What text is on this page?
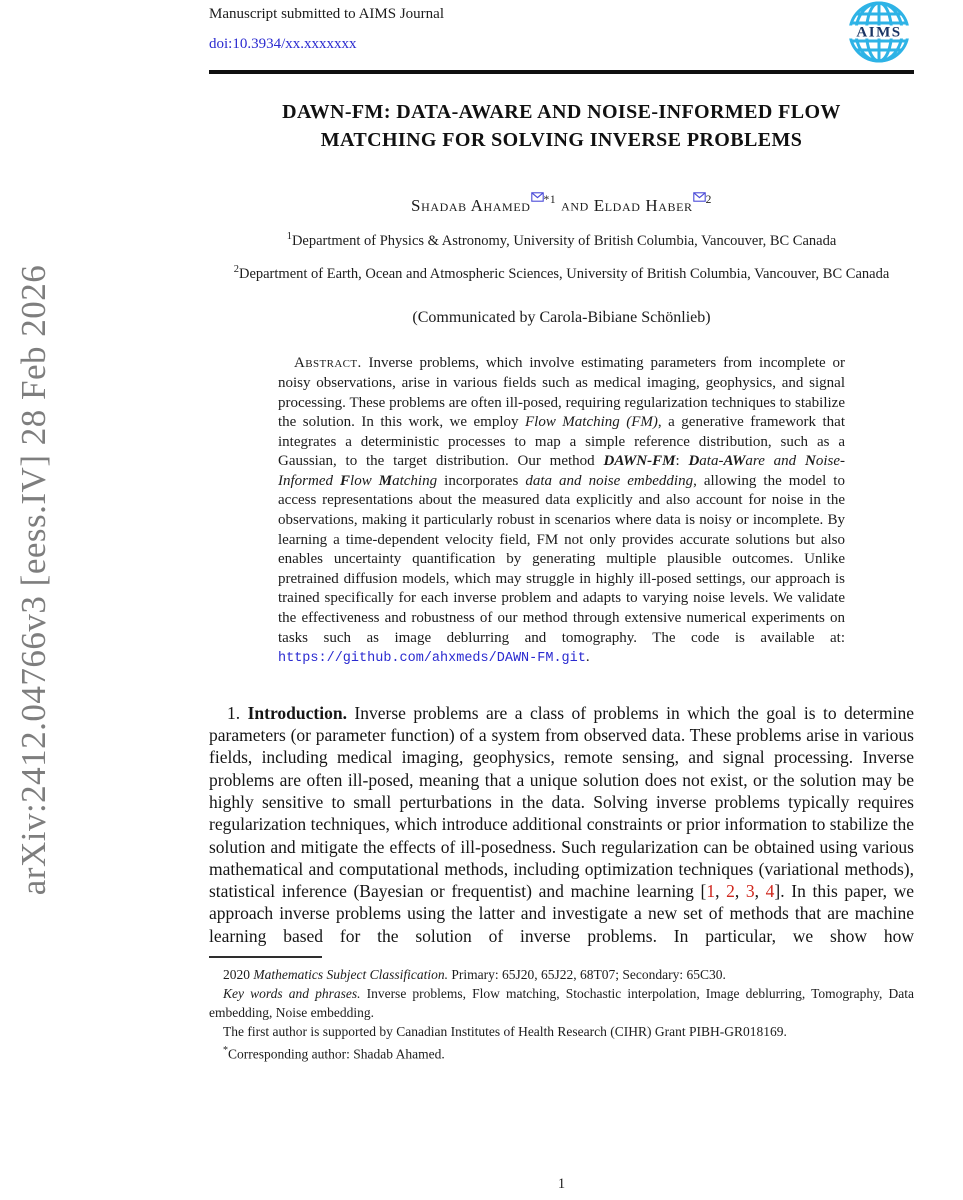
arXiv:2412.04766v3 [eess.IV] 28 Feb 2026
Manuscript submitted to AIMS Journal
doi:10.3934/xx.xxxxxxx
AIMS
DAWN-FM: DATA-AWARE AND NOISE-INFORMED FLOW
MATCHING FOR SOLVING INVERSE PROBLEMS
Shadab Ahamed $^{*1}$ and Eldad Haber $^2$
$^1$Department of Physics & Astronomy, University of British Columbia, Vancouver, BC Canada
$^2$Department of Earth, Ocean and Atmospheric Sciences, University of British Columbia, Vancouver, BC Canada
(Communicated by Carola-Bibiane Schönlieb)
Abstract. Inverse problems, which involve estimating parameters from incomplete or noisy observations, arise in various fields such as medical imaging, geophysics, and signal processing. These problems are often ill-posed, requiring regularization techniques to stabilize the solution. In this work, we employ Flow Matching (FM), a generative framework that integrates a deterministic processes to map a simple reference distribution, such as a Gaussian, to the target distribution. Our method DAWN-FM: Data-AWare and Noise-Informed Flow Matching incorporates data and noise embedding, allowing the model to access representations about the measured data explicitly and also account for noise in the observations, making it particularly robust in scenarios where data is noisy or incomplete. By learning a time-dependent velocity field, FM not only provides accurate solutions but also enables uncertainty quantification by generating multiple plausible outcomes. Unlike pretrained diffusion models, which may struggle in highly ill-posed settings, our approach is trained specifically for each inverse problem and adapts to varying noise levels. We validate the effectiveness and robustness of our method through extensive numerical experiments on tasks such as image deblurring and tomography. The code is available at: https://github.com/ahxmeds/DAWN-FM.git.

1. Introduction. Inverse problems are a class of problems in which the goal is to determine parameters (or parameter function) of a system from observed data. These problems arise in various fields, including medical imaging, geophysics, remote sensing, and signal processing. Inverse problems are often ill-posed, meaning that a unique solution does not exist, or the solution may be highly sensitive to small perturbations in the data. Solving inverse problems typically requires regularization techniques, which introduce additional constraints or prior information to stabilize the solution and mitigate the effects of ill-posedness. Such regularization can be obtained using various mathematical and computational methods, including optimization techniques (variational methods), statistical inference (Bayesian or frequentist) and machine learning [1, 2, 3, 4]. In this paper, we approach inverse problems using the latter and investigate a new set of methods that are machine learning based for the solution of inverse problems. In particular, we show how

2020 Mathematics Subject Classification. Primary: 65J20, 65J22, 68T07; Secondary: 65C30.

Key words and phrases. Inverse problems, Flow matching, Stochastic interpolation, Image deblurring, Tomography, Data embedding, Noise embedding.

The first author is supported by Canadian Institutes of Health Research (CIHR) Grant PIBH-GR018169.

*Corresponding author: Shadab Ahamed.

1
